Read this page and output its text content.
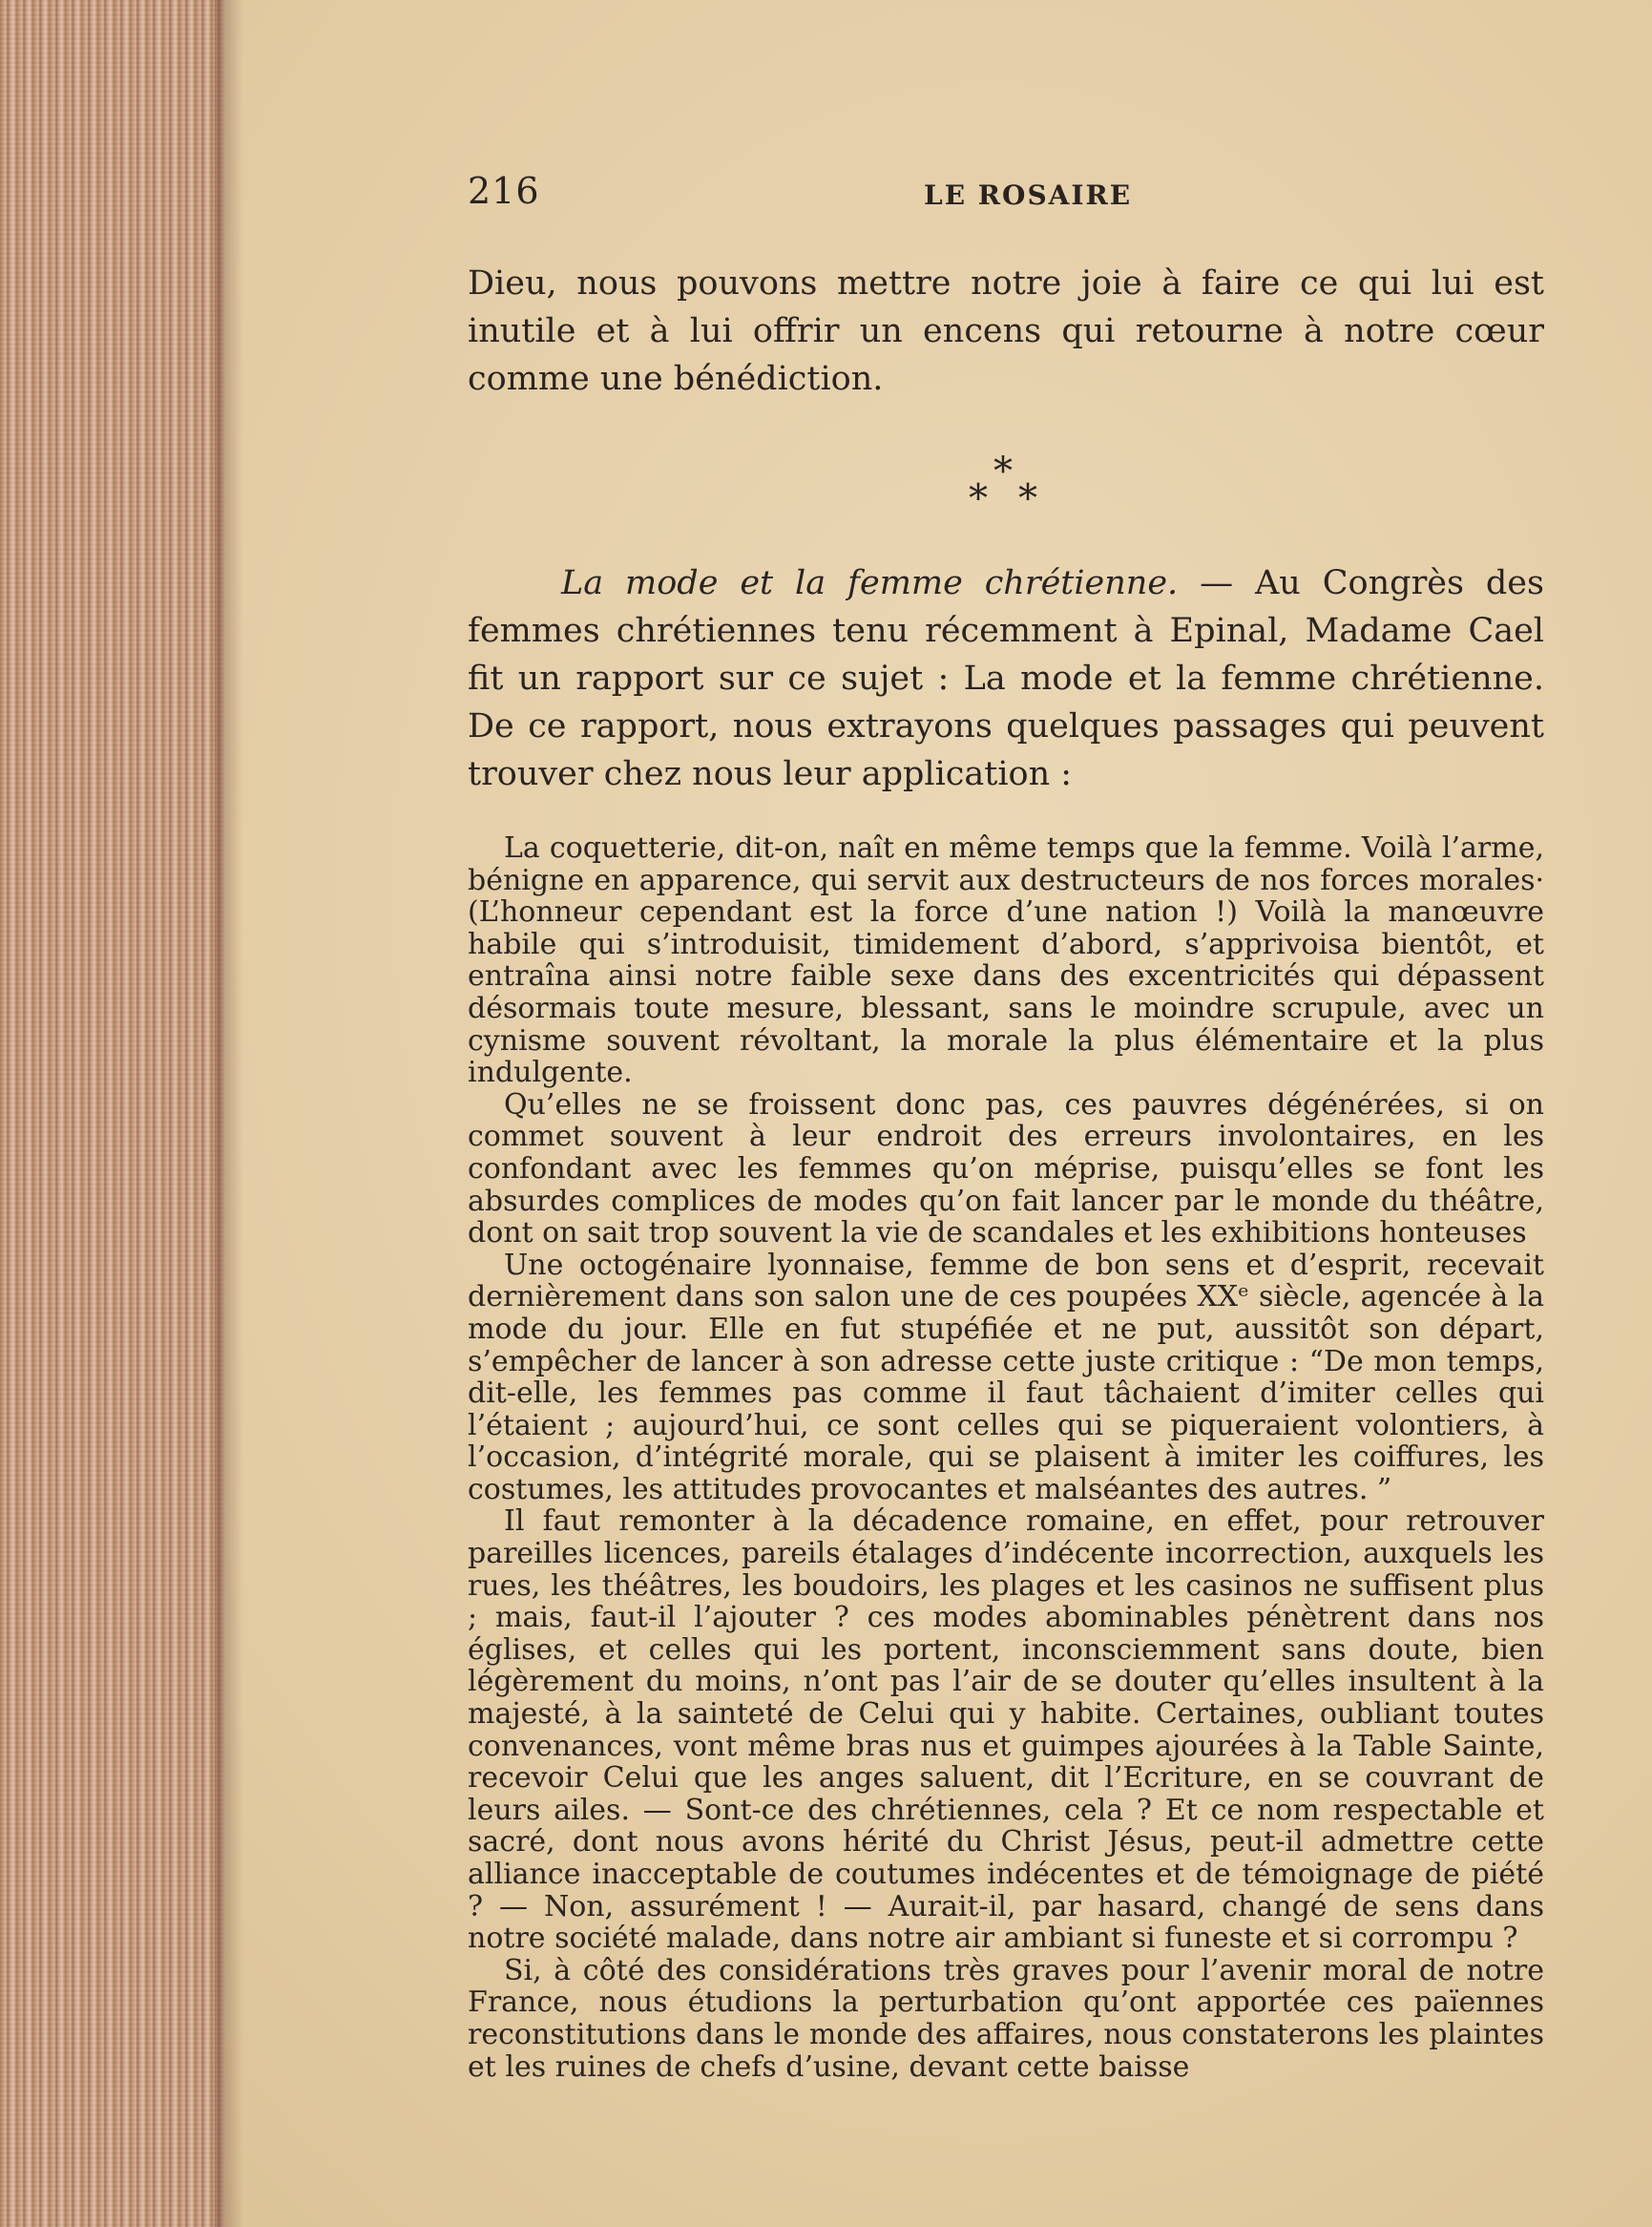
216	LE ROSAIRE

Dieu, nous pouvons mettre notre joie à faire ce qui lui est inutile et à lui offrir un encens qui retourne à notre cœur comme une bénédiction.

⁎*⁎

La mode et la femme chrétienne. — Au Congrès des femmes chrétiennes tenu récemment à Epinal, Madame Cael fit un rapport sur ce sujet : La mode et la femme chrétienne. De ce rapport, nous extrayons quelques passages qui peuvent trouver chez nous leur application :

La coquetterie, dit-on, naît en même temps que la femme. Voilà l’arme, bénigne en apparence, qui servit aux destructeurs de nos forces morales· (L’honneur cependant est la force d’une nation !) Voilà la manœuvre habile qui s’introduisit, timidement d’abord, s’apprivoisa bientôt, et entraîna ainsi notre faible sexe dans des excentricités qui dépassent désormais toute mesure, blessant, sans le moindre scrupule, avec un cynisme souvent révoltant, la morale la plus élémentaire et la plus indulgente.

Qu’elles ne se froissent donc pas, ces pauvres dégénérées, si on commet souvent à leur endroit des erreurs involontaires, en les confondant avec les femmes qu’on méprise, puisqu’elles se font les absurdes complices de modes qu’on fait lancer par le monde du théâtre, dont on sait trop souvent la vie de scandales et les exhibitions honteuses

Une octogénaire lyonnaise, femme de bon sens et d’esprit, recevait dernièrement dans son salon une de ces poupées XXᵉ siècle, agencée à la mode du jour. Elle en fut stupéfiée et ne put, aussitôt son départ, s’empêcher de lancer à son adresse cette juste critique : “De mon temps, dit-elle, les femmes pas comme il faut tâchaient d’imiter celles qui l’étaient ; aujourd’hui, ce sont celles qui se piqueraient volontiers, à l’occasion, d’intégrité morale, qui se plaisent à imiter les coiffures, les costumes, les attitudes provocantes et malséantes des autres. ”

Il faut remonter à la décadence romaine, en effet, pour retrouver pareilles licences, pareils étalages d’indécente incorrection, auxquels les rues, les théâtres, les boudoirs, les plages et les casinos ne suffisent plus ; mais, faut-il l’ajouter ? ces modes abominables pénètrent dans nos églises, et celles qui les portent, inconsciemment sans doute, bien légèrement du moins, n’ont pas l’air de se douter qu’elles insultent à la majesté, à la sainteté de Celui qui y habite. Certaines, oubliant toutes convenances, vont même bras nus et guimpes ajourées à la Table Sainte, recevoir Celui que les anges saluent, dit l’Ecriture, en se couvrant de leurs ailes. — Sont-ce des chrétiennes, cela ? Et ce nom respectable et sacré, dont nous avons hérité du Christ Jésus, peut-il admettre cette alliance inacceptable de coutumes indécentes et de témoignage de piété ? — Non, assurément ! — Aurait-il, par hasard, changé de sens dans notre société malade, dans notre air ambiant si funeste et si corrompu ?

Si, à côté des considérations très graves pour l’avenir moral de notre France, nous étudions la perturbation qu’ont apportée ces païennes reconstitutions dans le monde des affaires, nous constaterons les plaintes et les ruines de chefs d’usine, devant cette baisse
